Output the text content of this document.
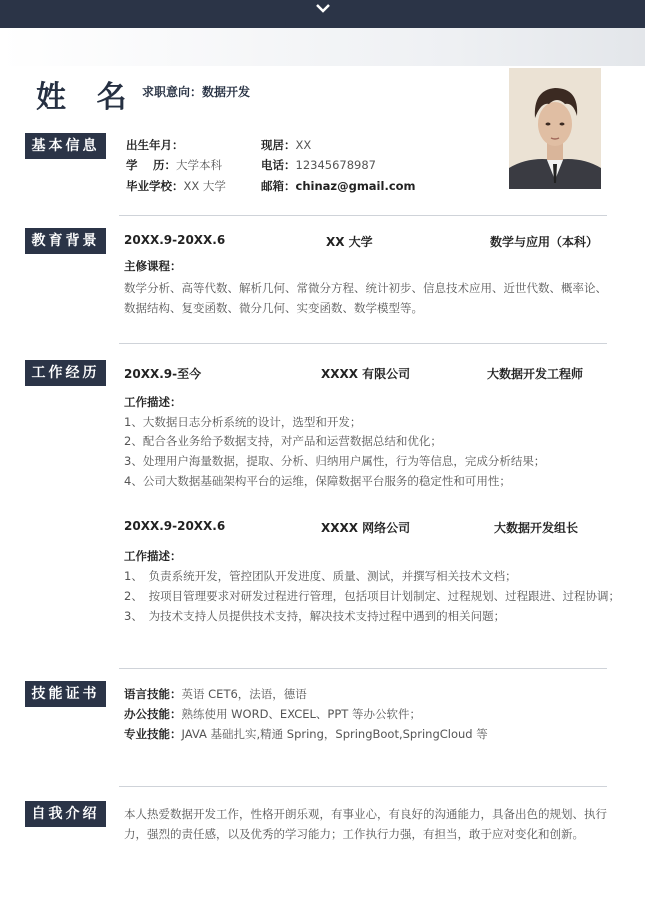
姓 名 求职意向：数据开发
基本信息	出生年月：	现居：XX
学　 历：大学本科	电话：12345678987
毕业学校：XX 大学	邮箱：chinaz@gmail.com
教育背景	20XX.9-20XX.6	XX 大学	数学与应用（本科）
主修课程：
数学分析、高等代数、解析几何、常微分方程、统计初步、信息技术应用、近世代数、概率论、
数据结构、复变函数、微分几何、实变函数、数学模型等。
工作经历	20XX.9-至今	XXXX 有限公司	大数据开发工程师
工作描述：
1、大数据日志分析系统的设计，选型和开发；
2、配合各业务给予数据支持，对产品和运营数据总结和优化；
3、处理用户海量数据，提取、分析、归纳用户属性，行为等信息，完成分析结果；
4、公司大数据基础架构平台的运维，保障数据平台服务的稳定性和可用性；
20XX.9-20XX.6	XXXX 网络公司	大数据开发组长
工作描述：
1、　负责系统开发，管控团队开发进度、质量、测试，并撰写相关技术文档；
2、　按项目管理要求对研发过程进行管理，包括项目计划制定、过程规划、过程跟进、过程协调；
3、　为技术支持人员提供技术支持，解决技术支持过程中遇到的相关问题；
技能证书	语言技能：英语 CET6，法语，德语
办公技能：熟练使用 WORD、EXCEL、PPT 等办公软件；
专业技能：JAVA 基础扎实,精通 Spring，SpringBoot,SpringCloud 等
自我介绍	本人热爱数据开发工作，性格开朗乐观，有事业心，有良好的沟通能力，具备出色的规划、执行
力，强烈的责任感，以及优秀的学习能力；工作执行力强，有担当，敢于应对变化和创新。
